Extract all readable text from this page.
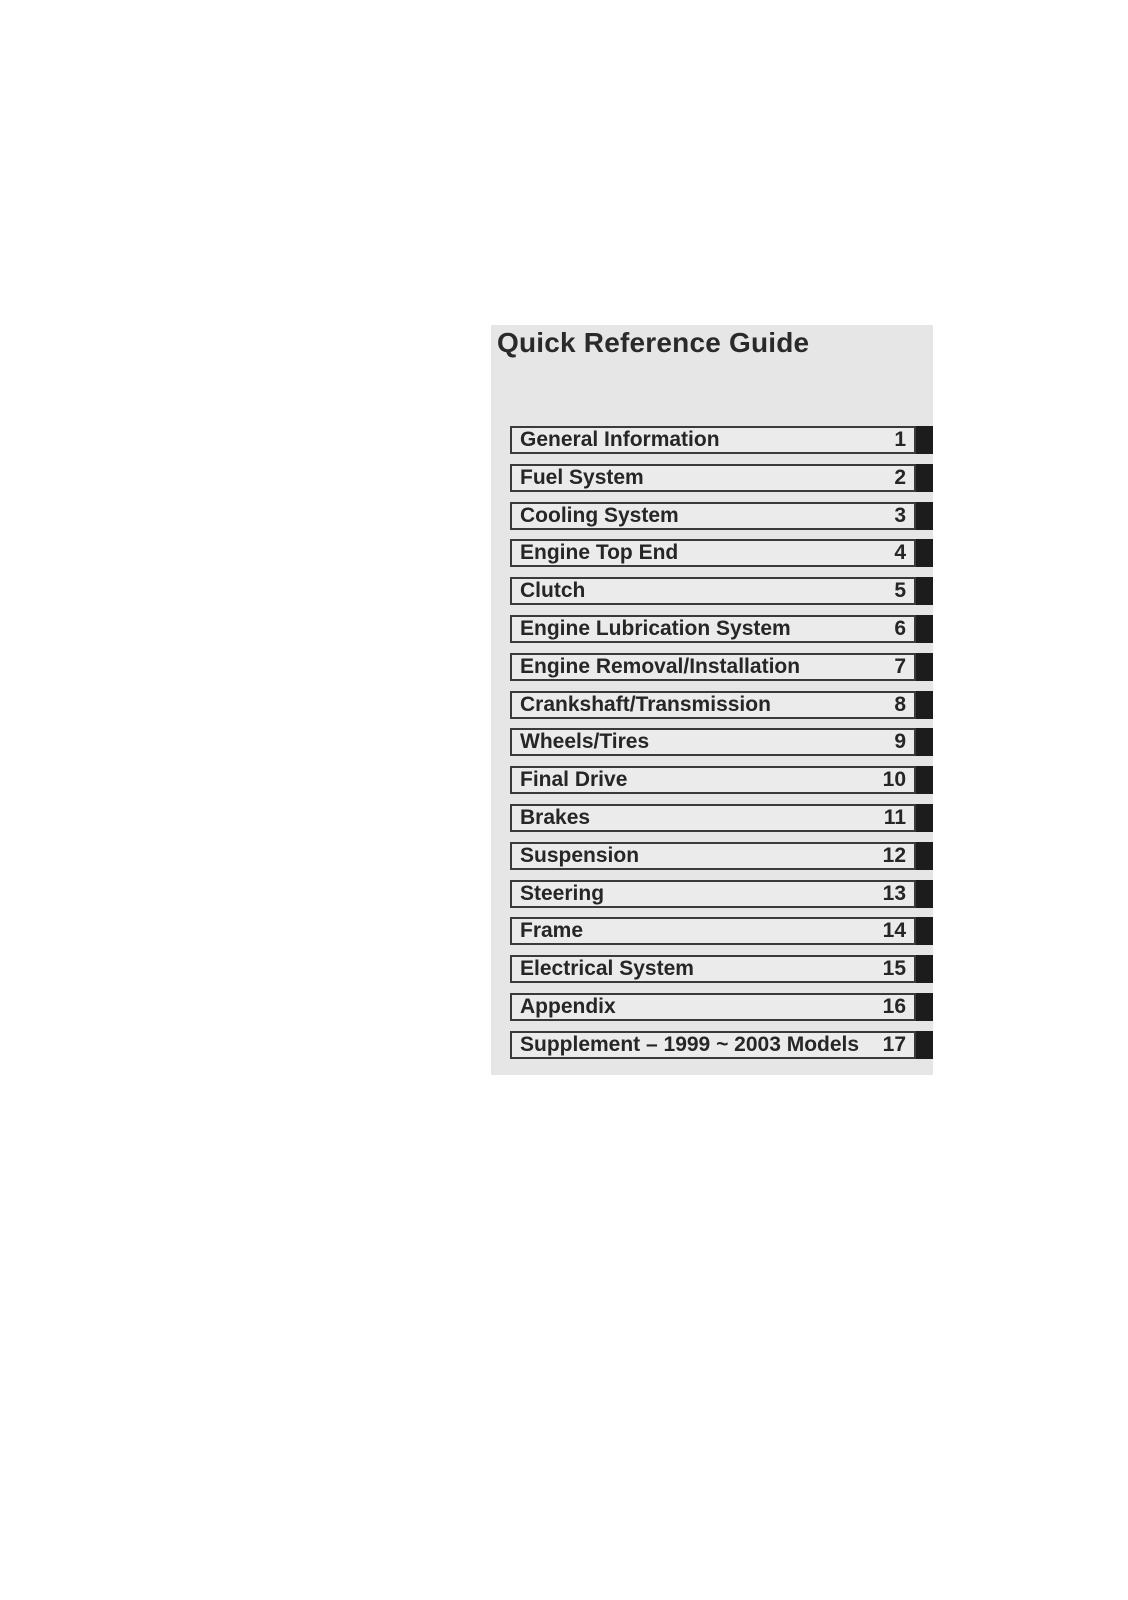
Quick Reference Guide
General Information	1
Fuel System	2
Cooling System	3
Engine Top End	4
Clutch	5
Engine Lubrication System	6
Engine Removal/Installation	7
Crankshaft/Transmission	8
Wheels/Tires	9
Final Drive	10
Brakes	11
Suspension	12
Steering	13
Frame	14
Electrical System	15
Appendix	16
Supplement – 1999 ~ 2003 Models 17
